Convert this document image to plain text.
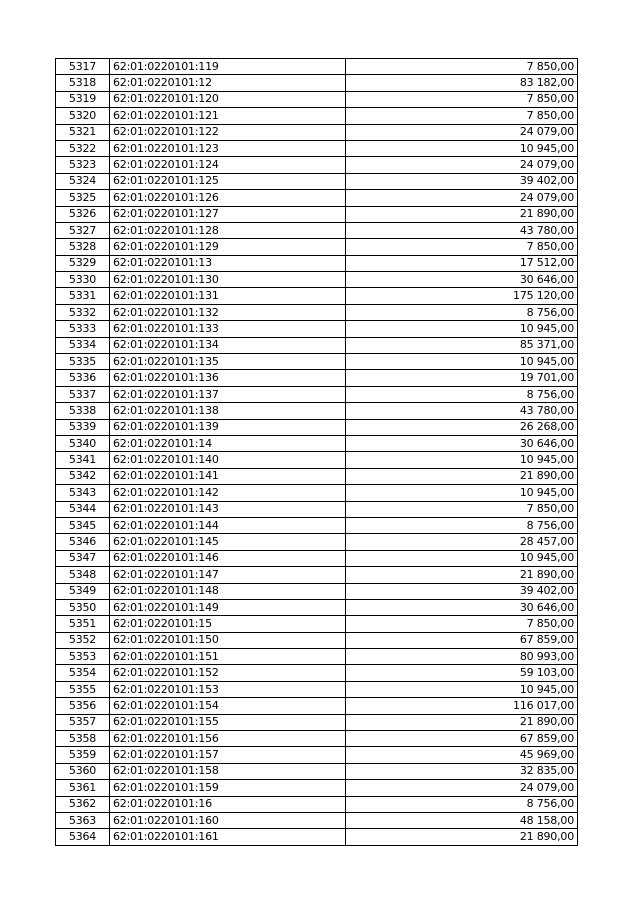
5317	62:01:0220101:119	7 850,00
5318	62:01:0220101:12	83 182,00
5319	62:01:0220101:120	7 850,00
5320	62:01:0220101:121	7 850,00
5321	62:01:0220101:122	24 079,00
5322	62:01:0220101:123	10 945,00
5323	62:01:0220101:124	24 079,00
5324	62:01:0220101:125	39 402,00
5325	62:01:0220101:126	24 079,00
5326	62:01:0220101:127	21 890,00
5327	62:01:0220101:128	43 780,00
5328	62:01:0220101:129	7 850,00
5329	62:01:0220101:13	17 512,00
5330	62:01:0220101:130	30 646,00
5331	62:01:0220101:131	175 120,00
5332	62:01:0220101:132	8 756,00
5333	62:01:0220101:133	10 945,00
5334	62:01:0220101:134	85 371,00
5335	62:01:0220101:135	10 945,00
5336	62:01:0220101:136	19 701,00
5337	62:01:0220101:137	8 756,00
5338	62:01:0220101:138	43 780,00
5339	62:01:0220101:139	26 268,00
5340	62:01:0220101:14	30 646,00
5341	62:01:0220101:140	10 945,00
5342	62:01:0220101:141	21 890,00
5343	62:01:0220101:142	10 945,00
5344	62:01:0220101:143	7 850,00
5345	62:01:0220101:144	8 756,00
5346	62:01:0220101:145	28 457,00
5347	62:01:0220101:146	10 945,00
5348	62:01:0220101:147	21 890,00
5349	62:01:0220101:148	39 402,00
5350	62:01:0220101:149	30 646,00
5351	62:01:0220101:15	7 850,00
5352	62:01:0220101:150	67 859,00
5353	62:01:0220101:151	80 993,00
5354	62:01:0220101:152	59 103,00
5355	62:01:0220101:153	10 945,00
5356	62:01:0220101:154	116 017,00
5357	62:01:0220101:155	21 890,00
5358	62:01:0220101:156	67 859,00
5359	62:01:0220101:157	45 969,00
5360	62:01:0220101:158	32 835,00
5361	62:01:0220101:159	24 079,00
5362	62:01:0220101:16	8 756,00
5363	62:01:0220101:160	48 158,00
5364	62:01:0220101:161	21 890,00
